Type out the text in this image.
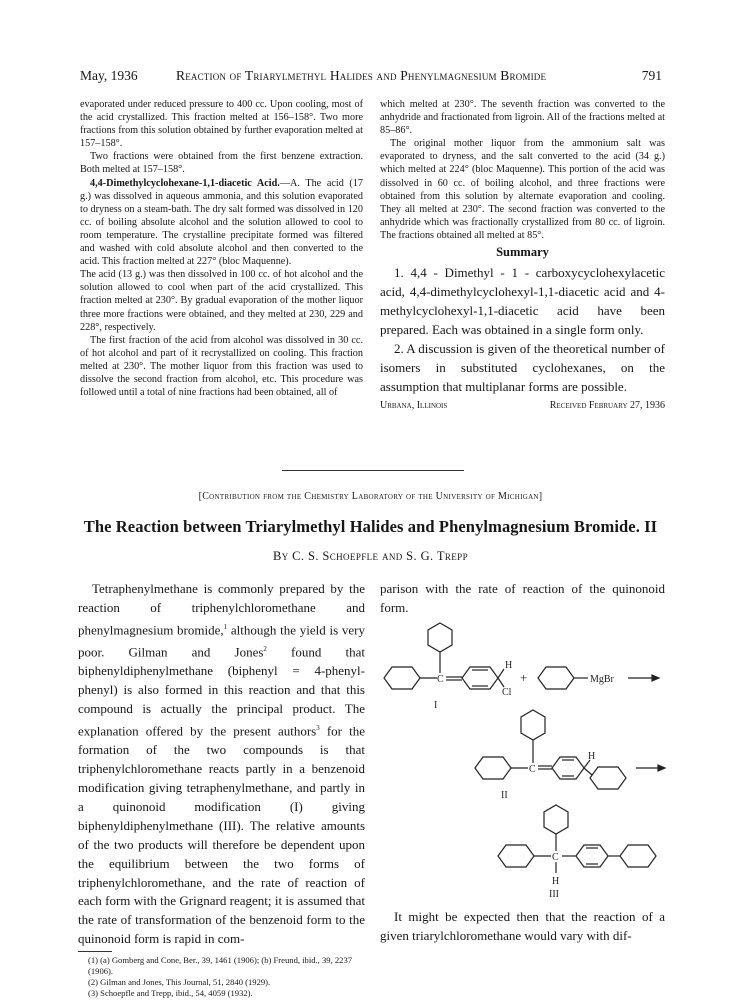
May, 1936	Reaction of Triarylmethyl Halides and Phenylmagnesium Bromide	791

evaporated under reduced pressure to 400 cc. Upon cooling, most of the acid crystallized. This fraction melted at 156–158°. Two more fractions from this solution obtained by further evaporation melted at 157–158°.

Two fractions were obtained from the first benzene extraction. Both melted at 157–158°.

4,4-Dimethylcyclohexane-1,1-diacetic Acid.—A. The acid (17 g.) was dissolved in aqueous ammonia, and this solution evaporated to dryness on a steam-bath. The dry salt formed was dissolved in 120 cc. of boiling absolute alcohol and the solution allowed to cool to room temperature. The crystalline precipitate formed was filtered and washed with cold absolute alcohol and then converted to the acid. This fraction melted at 227° (bloc Maquenne).

The acid (13 g.) was then dissolved in 100 cc. of hot alcohol and the solution allowed to cool when part of the acid crystallized. This fraction melted at 230°. By gradual evaporation of the mother liquor three more fractions were obtained, and they melted at 230, 229 and 228°, respectively.

The first fraction of the acid from alcohol was dissolved in 30 cc. of hot alcohol and part of it recrystallized on cooling. This fraction melted at 230°. The mother liquor from this fraction was used to dissolve the second fraction from alcohol, etc. This procedure was followed until a total of nine fractions had been obtained, all of

which melted at 230°. The seventh fraction was converted to the anhydride and fractionated from ligroin. All of the fractions melted at 85–86°.

The original mother liquor from the ammonium salt was evaporated to dryness, and the salt converted to the acid (34 g.) which melted at 224° (bloc Maquenne). This portion of the acid was dissolved in 60 cc. of boiling alcohol, and three fractions were obtained from this solution by alternate evaporation and cooling. They all melted at 230°. The second fraction was converted to the anhydride which was fractionally crystallized from 80 cc. of ligroin. The fractions obtained all melted at 85°.

Summary

1. 4,4 - Dimethyl - 1 - carboxycyclohexylacetic acid, 4,4-dimethylcyclohexyl-1,1-diacetic acid and 4-methylcyclohexyl-1,1-diacetic acid have been prepared. Each was obtained in a single form only.

2. A discussion is given of the theoretical number of isomers in substituted cyclohexanes, on the assumption that multiplanar forms are possible.

Urbana, Illinois	Received February 27, 1936
[Contribution from the Chemistry Laboratory of the University of Michigan]
The Reaction between Triarylmethyl Halides and Phenylmagnesium Bromide. II
By C. S. Schoepfle and S. G. Trepp

Tetraphenylmethane is commonly prepared by the reaction of triphenylchloromethane and phenylmagnesium bromide,$^1$ although the yield is very poor. Gilman and Jones$^2$ found that biphenyldiphenylmethane (biphenyl = 4-phenyl-phenyl) is also formed in this reaction and that this compound is actually the principal product. The explanation offered by the present authors$^3$ for the formation of the two compounds is that triphenylchloromethane reacts partly in a benzenoid modification giving tetraphenylmethane, and partly in a quinonoid modification (I) giving biphenyldiphenylmethane (III). The relative amounts of the two products will therefore be dependent upon the equilibrium between the two forms of triphenylchloromethane, and the rate of reaction of each form with the Grignard reagent; it is assumed that the rate of transformation of the benzenoid form to the quinonoid form is rapid in com-

(1) (a) Gomberg and Cone, Ber., 39, 1461 (1906); (b) Freund, ibid., 39, 2237 (1906).
(2) Gilman and Jones, This Journal, 51, 2840 (1929).
(3) Schoepfle and Trepp, ibid., 54, 4059 (1932).

parison with the rate of reaction of the quinonoid form.

C
H
Cl
+	MgBr
I
C
H
II
C
H
III

It might be expected then that the reaction of a given triarylchloromethane would vary with dif-
